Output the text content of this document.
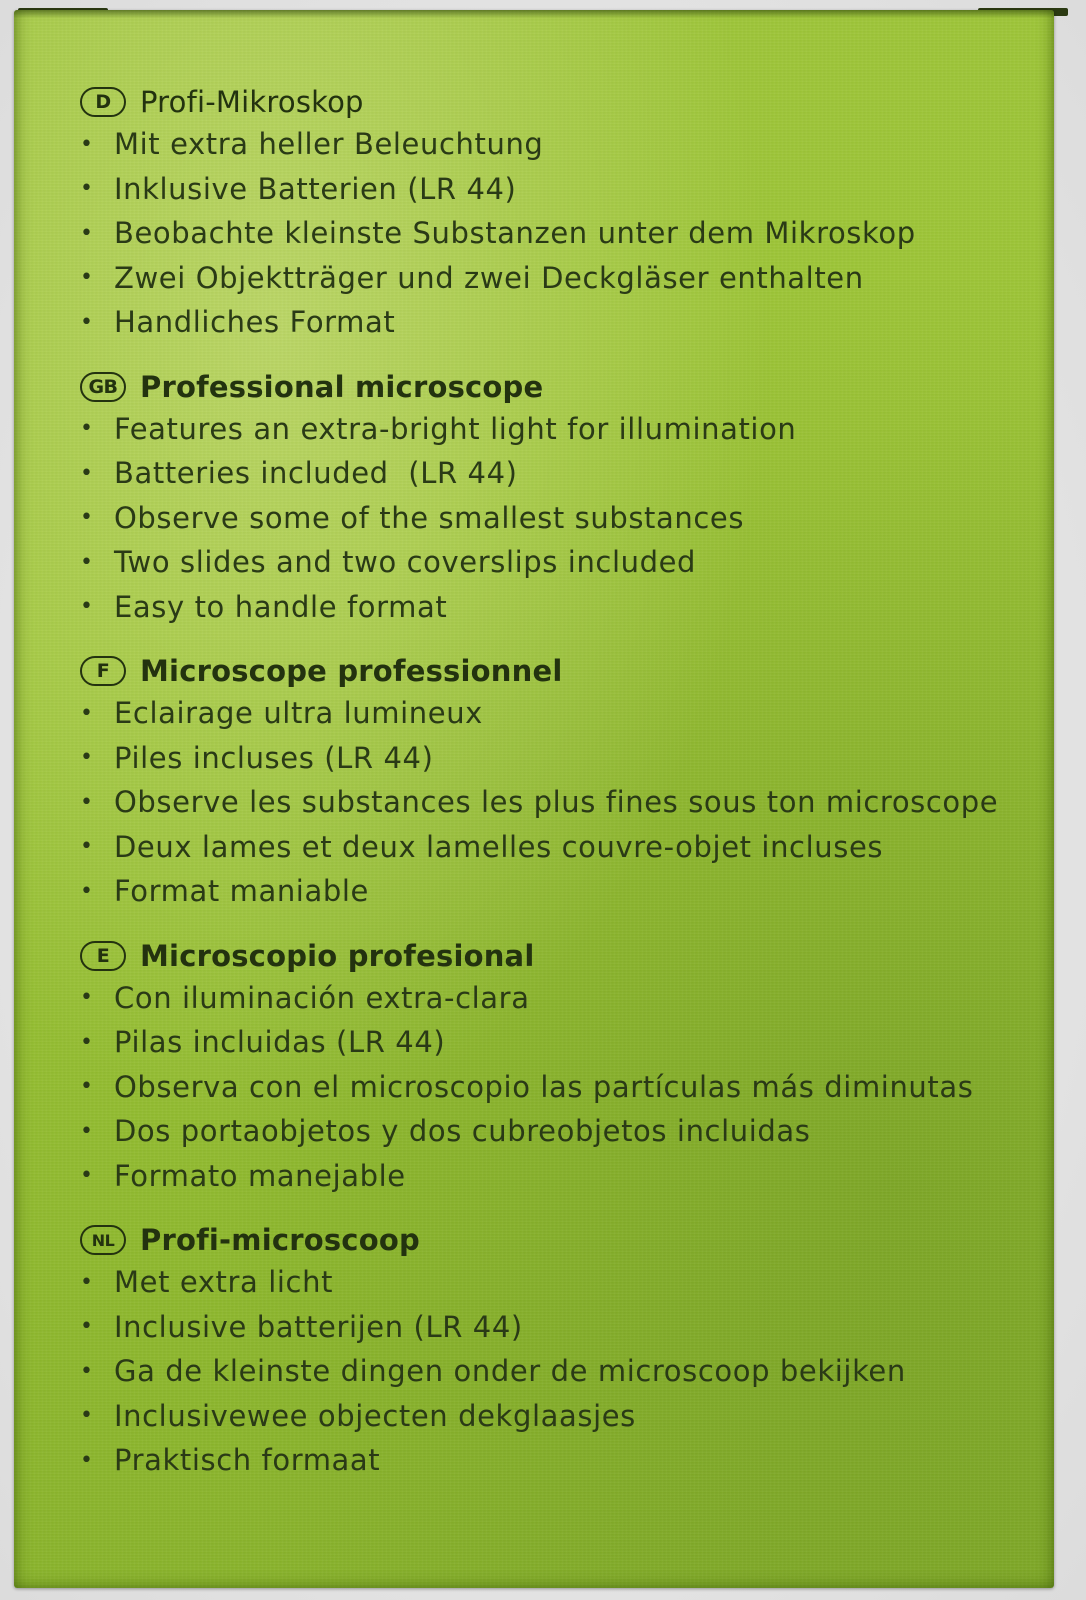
D	Profi-Mikroskop
• Mit extra heller Beleuchtung
• Inklusive Batterien (LR 44)
• Beobachte kleinste Substanzen unter dem Mikroskop
• Zwei Objektträger und zwei Deckgläser enthalten
• Handliches Format
GB Professional microscope
• Features an extra-bright light for illumination
• Batteries included  (LR 44)
• Observe some of the smallest substances
• Two slides and two coverslips included
• Easy to handle format
F	Microscope professionnel
• Eclairage ultra lumineux
• Piles incluses (LR 44)
• Observe les substances les plus fines sous ton microscope
• Deux lames et deux lamelles couvre-objet incluses
• Format maniable
E	Microscopio profesional
• Con iluminación extra-clara
• Pilas incluidas (LR 44)
• Observa con el microscopio las partículas más diminutas
• Dos portaobjetos y dos cubreobjetos incluidas
• Formato manejable
NL Profi-microscoop
• Met extra licht
• Inclusive batterijen (LR 44)
• Ga de kleinste dingen onder de microscoop bekijken
• Inclusivewee objecten dekglaasjes
• Praktisch formaat
